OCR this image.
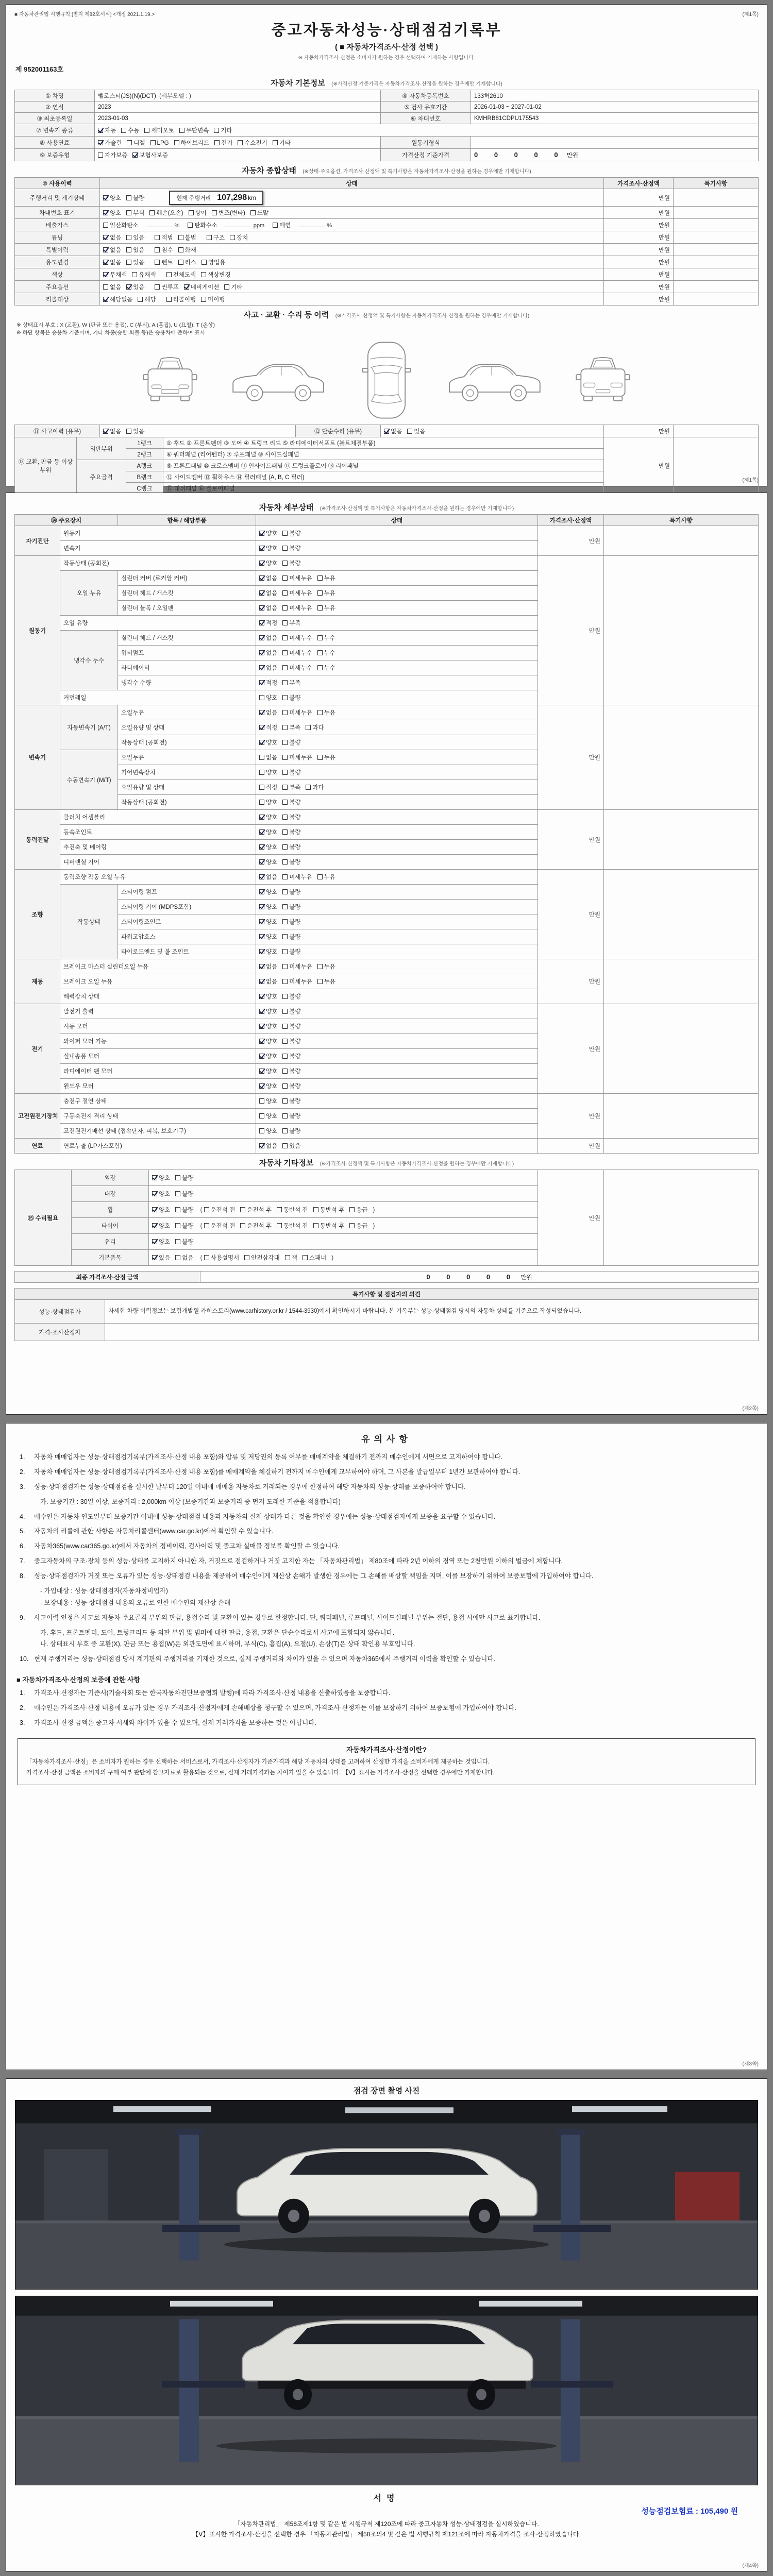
■ 자동차관리법 시행규칙 [별지 제82호서식] <개정 2021.1.19.>	(제1쪽)
중고자동차성능·상태점검기록부
( ■ 자동차가격조사·산정 선택 )
※ 자동차가격조사·산정은 소비자가 원하는 경우 선택하여 기재하는 사항입니다.
제 952001163호
자동차 기본정보 (※가격산정 기준가격은 자동차가격조사·산정을 원하는 경우에만 기재합니다)
① 차명	벨로스터(JS)(N)(DCT) (세부모델 : )	④ 자동차등록번호	133허2610
② 연식	2023	⑤ 검사 유효기간	2026-01-03 ~ 2027-01-02
③ 최초등록일	2023-01-03	⑥ 차대번호	KMHRB81CDPU175543
⑦ 변속기 종류	자동 수동 세미오토 무단변속 기타		
⑧ 사용연료	가솔린 디젤 LPG 하이브리드 전기 수소전기 기타	원동기형식	
⑨ 보증유형	자가보증 보험사보증	가격산정 기준가격	0 0 0 0 0 만원
자동차 종합상태 (※상태·주요옵션, 가격조사·산정액 및 특기사항은 자동차가격조사·산정을 원하는 경우에만 기재합니다)
⑩ 사용이력	상태	가격조사·산정액	특기사항
주행거리 및 계기상태	양호 불량 현재 주행거리 107,298 km	만원	
차대번호 표기	양호 부식 훼손(오손) 상이 변조(변타) 도말	만원	
배출가스	일산화탄소 % 탄화수소 ppm 매연 %	만원	
튜닝	없음 있음 적법 불법 구조 장치	만원	
특별이력	없음 있음 침수 화재	만원	
용도변경	없음 있음 렌트 리스 영업용	만원	
색상	무채색 유채색 전체도색 색상변경	만원	
주요옵션	없음 있음 썬루프 네비게이션 기타	만원	
리콜대상	해당없음 해당 리콜이행 미이행	만원	
사고 · 교환 · 수리 등 이력 (※가격조사·산정액 및 특기사항은 자동차가격조사·산정을 원하는 경우에만 기재합니다)
※ 상태표시 부호 : X (교환), W (판금 또는 용접), C (부식), A (흠집), U (요철), T (손상)
※ 하단 항목은 승용차 기준이며, 기타 차종(승합·화물 등)은 승용차에 준하여 표시
⑪ 사고이력 (유무)	없음 있음	⑫ 단순수리 (유무)	없음 있음	만원	
⑬ 교환, 판금 등 이상 부위	외판부위	1랭크	① 후드 ② 프론트펜더 ③ 도어 ④ 트렁크 리드 ⑤ 라디에이터서포트 (볼트체결부품)	만원	
		2랭크	⑥ 쿼터패널 (리어펜더) ⑦ 루프패널 ⑧ 사이드실패널		
	주요골격	A랭크	⑨ 프론트패널 ⑩ 크로스멤버 ⑪ 인사이드패널 ⑰ 트렁크플로어 ⑱ 리어패널		
		B랭크	⑫ 사이드멤버 ⑬ 휠하우스 ⑭ 필러패널 (A, B, C 필러)		
		C랭크	⑮ 대쉬패널 ⑯ 플로어패널		
(제1쪽)
자동차 세부상태 (※가격조사·산정액 및 특기사항은 자동차가격조사·산정을 원하는 경우에만 기재합니다)
⑭ 주요장치		항목 / 해당부품	상태	가격조사·산정액	특기사항
자기진단	원동기		양호 불량	만원	
	변속기		양호 불량		
원동기	작동상태 (공회전)		양호 불량	만원	
	오일 누유	실린더 커버 (로커암 커버)	없음 미세누유 누유		
		실린더 헤드 / 개스킷	없음 미세누유 누유		
		실린더 블록 / 오일팬	없음 미세누유 누유		
	오일 유량		적정 부족		
	냉각수 누수	실린더 헤드 / 개스킷	없음 미세누수 누수		
		워터펌프	없음 미세누수 누수		
		라디에이터	없음 미세누수 누수		
		냉각수 수량	적정 부족		
	커먼레일		양호 불량		
변속기	자동변속기 (A/T)	오일누유	없음 미세누유 누유	만원	
		오일유량 및 상태	적정 부족 과다		
		작동상태 (공회전)	양호 불량		
	수동변속기 (M/T)	오일누유	없음 미세누유 누유		
		기어변속장치	양호 불량		
		오일유량 및 상태	적정 부족 과다		
		작동상태 (공회전)	양호 불량		
동력전달	클러치 어셈블리		양호 불량	만원	
	등속조인트		양호 불량		
	추진축 및 베어링		양호 불량		
	디퍼렌셜 기어		양호 불량		
조향	동력조향 작동 오일 누유		없음 미세누유 누유	만원	
	작동상태	스티어링 펌프	양호 불량		
		스티어링 기어 (MDPS포함)	양호 불량		
		스티어링조인트	양호 불량		
		파워고압호스	양호 불량		
		타이로드엔드 및 볼 조인트	양호 불량		
제동	브레이크 마스터 실린더오일 누유		없음 미세누유 누유	만원	
	브레이크 오일 누유		없음 미세누유 누유		
	배력장치 상태		양호 불량		
전기	발전기 출력		양호 불량	만원	
	시동 모터		양호 불량		
	와이퍼 모터 기능		양호 불량		
	실내송풍 모터		양호 불량		
	라디에이터 팬 모터		양호 불량		
	윈도우 모터		양호 불량		
고전원전기장치	충전구 절연 상태		양호 불량	만원	
	구동축전지 격리 상태		양호 불량		
	고전원전기배선 상태 (접속단자, 피복, 보호기구)		양호 불량		
연료	연료누출 (LP가스포함)		없음 있음	만원	
자동차 기타정보 (※가격조사·산정액 및 특기사항은 자동차가격조사·산정을 원하는 경우에만 기재합니다)
⑮ 수리필요	외장	양호 불량	만원	
	내장	양호 불량		
	휠	양호 불량 ( 운전석 전 운전석 후 동반석 전 동반석 후 응급 )		
	타이어	양호 불량 ( 운전석 전 운전석 후 동반석 전 동반석 후 응급 )		
	유리	양호 불량		
	기본품목	있음 없음 ( 사용설명서 안전삼각대 잭 스패너 )		
최종 가격조사·산정 금액	0 0 0 0 0 만원
특기사항 및 점검자의 의견	
성능·상태점검자	자세한 차량 이력정보는 보험개발원 카히스토리(www.carhistory.or.kr / 1544-3930)에서 확인하시기 바랍니다. 본 기록부는 성능·상태점검 당시의 자동차 상태를 기준으로 작성되었습니다.
가격·조사산정자	
(제2쪽)
유의사항
1.	자동차 매매업자는 성능·상태점검기록부(가격조사·산정 내용 포함)와 압류 및 저당권의 등록 여부를 매매계약을 체결하기 전까지 매수인에게 서면으로 고지하여야 합니다.
2.	자동차 매매업자는 성능·상태점검기록부(가격조사·산정 내용 포함)를 매매계약을 체결하기 전까지 매수인에게 교부하여야 하며, 그 사본을 발급일부터 1년간 보관하여야 합니다.
3.	성능·상태점검자는 성능·상태점검을 실시한 날부터 120일 이내에 매매용 자동차로 거래되는 경우에 한정하여 해당 자동차의 성능·상태를 보증하여야 합니다.
가. 보증기간 : 30일 이상, 보증거리 : 2,000km 이상 (보증기간과 보증거리 중 먼저 도래한 기준을 적용합니다)
4.	매수인은 자동차 인도일부터 보증기간 이내에 성능·상태점검 내용과 자동차의 실제 상태가 다른 것을 확인한 경우에는 성능·상태점검자에게 보증을 요구할 수 있습니다.
5.	자동차의 리콜에 관한 사항은 자동차리콜센터(www.car.go.kr)에서 확인할 수 있습니다.
6.	자동차365(www.car365.go.kr)에서 자동차의 정비이력, 검사이력 및 중고차 실매물 정보를 확인할 수 있습니다.
7.	중고자동차의 구조·장치 등의 성능·상태를 고지하지 아니한 자, 거짓으로 점검하거나 거짓 고지한 자는 「자동차관리법」 제80조에 따라 2년 이하의 징역 또는 2천만원 이하의 벌금에 처합니다.
8.	성능·상태점검자가 거짓 또는 오류가 있는 성능·상태점검 내용을 제공하여 매수인에게 재산상 손해가 발생한 경우에는 그 손해를 배상할 책임을 지며, 이를 보장하기 위하여 보증보험에 가입하여야 합니다.
- 가입대상 : 성능·상태점검자(자동차정비업자)
- 보장내용 : 성능·상태점검 내용의 오류로 인한 매수인의 재산상 손해
9.	사고이력 인정은 사고로 자동차 주요골격 부위의 판금, 용접수리 및 교환이 있는 경우로 한정합니다. 단, 쿼터패널, 루프패널, 사이드실패널 부위는 절단, 용접 시에만 사고로 표기합니다.
가. 후드, 프론트펜더, 도어, 트렁크리드 등 외판 부위 및 범퍼에 대한 판금, 용접, 교환은 단순수리로서 사고에 포함되지 않습니다.
나. 상태표시 부호 중 교환(X), 판금 또는 용접(W)은 외관도면에 표시하며, 부식(C), 흠집(A), 요철(U), 손상(T)은 상태 확인용 부호입니다.
10. 현재 주행거리는 성능·상태점검 당시 계기판의 주행거리를 기재한 것으로, 실제 주행거리와 차이가 있을 수 있으며 자동차365에서 주행거리 이력을 확인할 수 있습니다.
■ 자동차가격조사·산정의 보증에 관한 사항
1.	가격조사·산정자는 기준서(기술사회 또는 한국자동차진단보증협회 발행)에 따라 가격조사·산정 내용을 산출하였음을 보증합니다.
2.	매수인은 가격조사·산정 내용에 오류가 있는 경우 가격조사·산정자에게 손해배상을 청구할 수 있으며, 가격조사·산정자는 이를 보장하기 위하여 보증보험에 가입하여야 합니다.
3.	가격조사·산정 금액은 중고차 시세와 차이가 있을 수 있으며, 실제 거래가격을 보증하는 것은 아닙니다.
자동차가격조사·산정이란?
「자동차가격조사·산정」은 소비자가 원하는 경우 선택하는 서비스로서, 가격조사·산정자가 기준가격과 해당 자동차의 상태를 고려하여 산정한 가격을 소비자에게 제공하는 것입니다.
가격조사·산정 금액은 소비자의 구매 여부 판단에 참고자료로 활용되는 것으로, 실제 거래가격과는 차이가 있을 수 있습니다. 【Ⅴ】표시는 가격조사·산정을 선택한 경우에만 기재합니다.
(제3쪽)
점검 장면 촬영 사진
서명
성능점검보험료 : 105,490 원
「자동차관리법」 제58조제1항 및 같은 법 시행규칙 제120조에 따라 중고자동차 성능·상태점검을 실시하였습니다.
【Ⅴ】표시한 가격조사·산정을 선택한 경우 「자동차관리법」 제58조의4 및 같은 법 시행규칙 제121조에 따라 자동차가격을 조사·산정하였습니다.
(제4쪽)
